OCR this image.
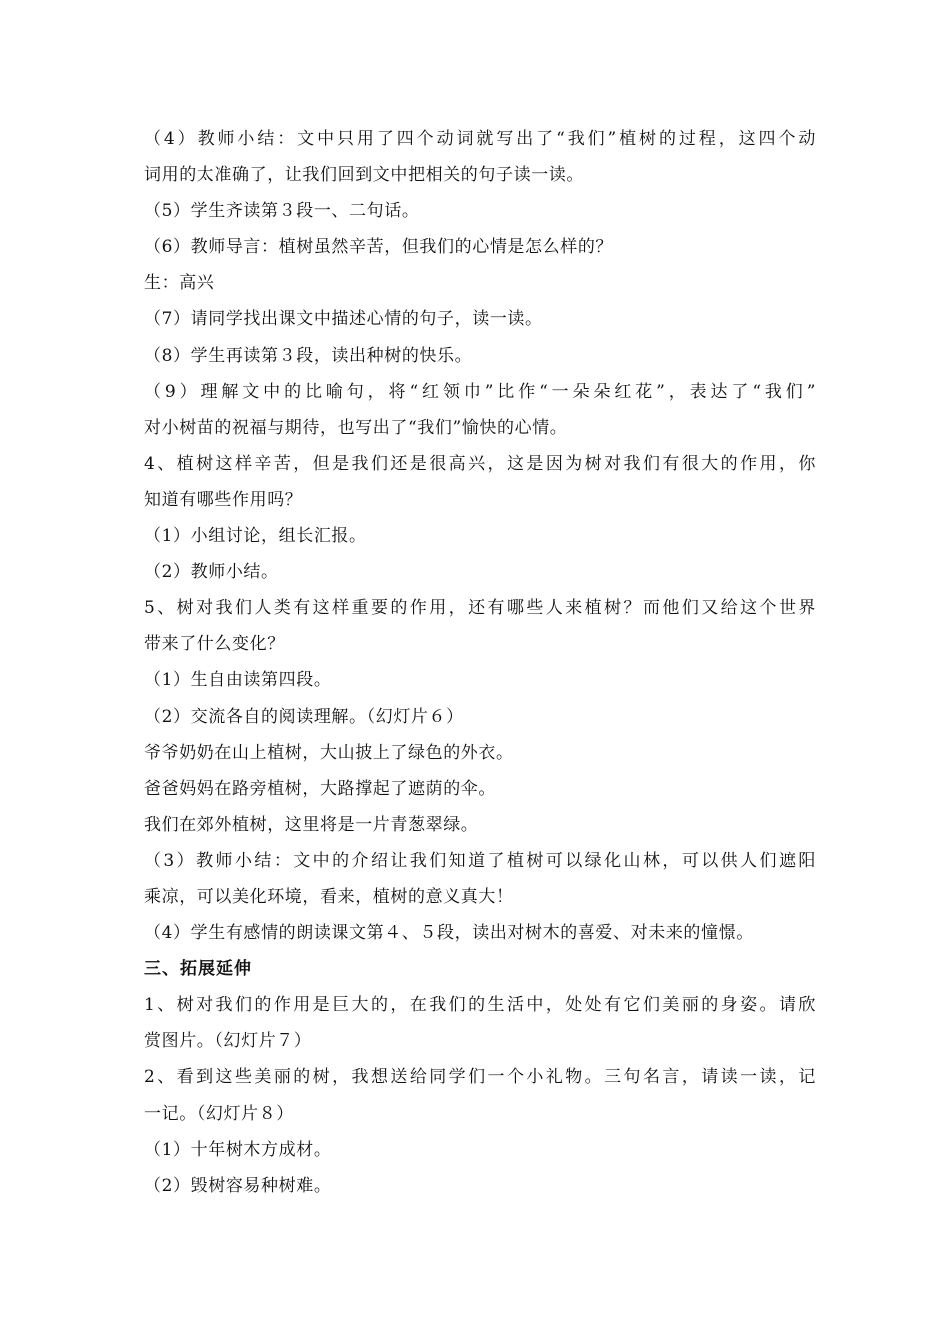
（4）教师小结：文中只用了四个动词就写出了“我们”植树的过程，这四个动
词用的太准确了，让我们回到文中把相关的句子读一读。
（5）学生齐读第３段一、二句话。
（6）教师导言：植树虽然辛苦，但我们的心情是怎么样的？
生：高兴
（7）请同学找出课文中描述心情的句子，读一读。
（8）学生再读第３段，读出种树的快乐。
（9）理解文中的比喻句，将“红领巾”比作“一朵朵红花”，表达了“我们”
对小树苗的祝福与期待，也写出了“我们”愉快的心情。
4、植树这样辛苦，但是我们还是很高兴，这是因为树对我们有很大的作用，你
知道有哪些作用吗？
（1）小组讨论，组长汇报。
（2）教师小结。
5、树对我们人类有这样重要的作用，还有哪些人来植树？而他们又给这个世界
带来了什么变化？
（1）生自由读第四段。
（2）交流各自的阅读理解。（幻灯片６）
爷爷奶奶在山上植树，大山披上了绿色的外衣。
爸爸妈妈在路旁植树，大路撑起了遮荫的伞。
我们在郊外植树，这里将是一片青葱翠绿。
（3）教师小结：文中的介绍让我们知道了植树可以绿化山林，可以供人们遮阳
乘凉，可以美化环境，看来，植树的意义真大！
（4）学生有感情的朗读课文第４、５段，读出对树木的喜爱、对未来的憧憬。
三、拓展延伸
1、树对我们的作用是巨大的，在我们的生活中，处处有它们美丽的身姿。请欣
赏图片。（幻灯片７）
2、看到这些美丽的树，我想送给同学们一个小礼物。三句名言，请读一读，记
一记。（幻灯片８）
（1）十年树木方成材。
（2）毁树容易种树难。
